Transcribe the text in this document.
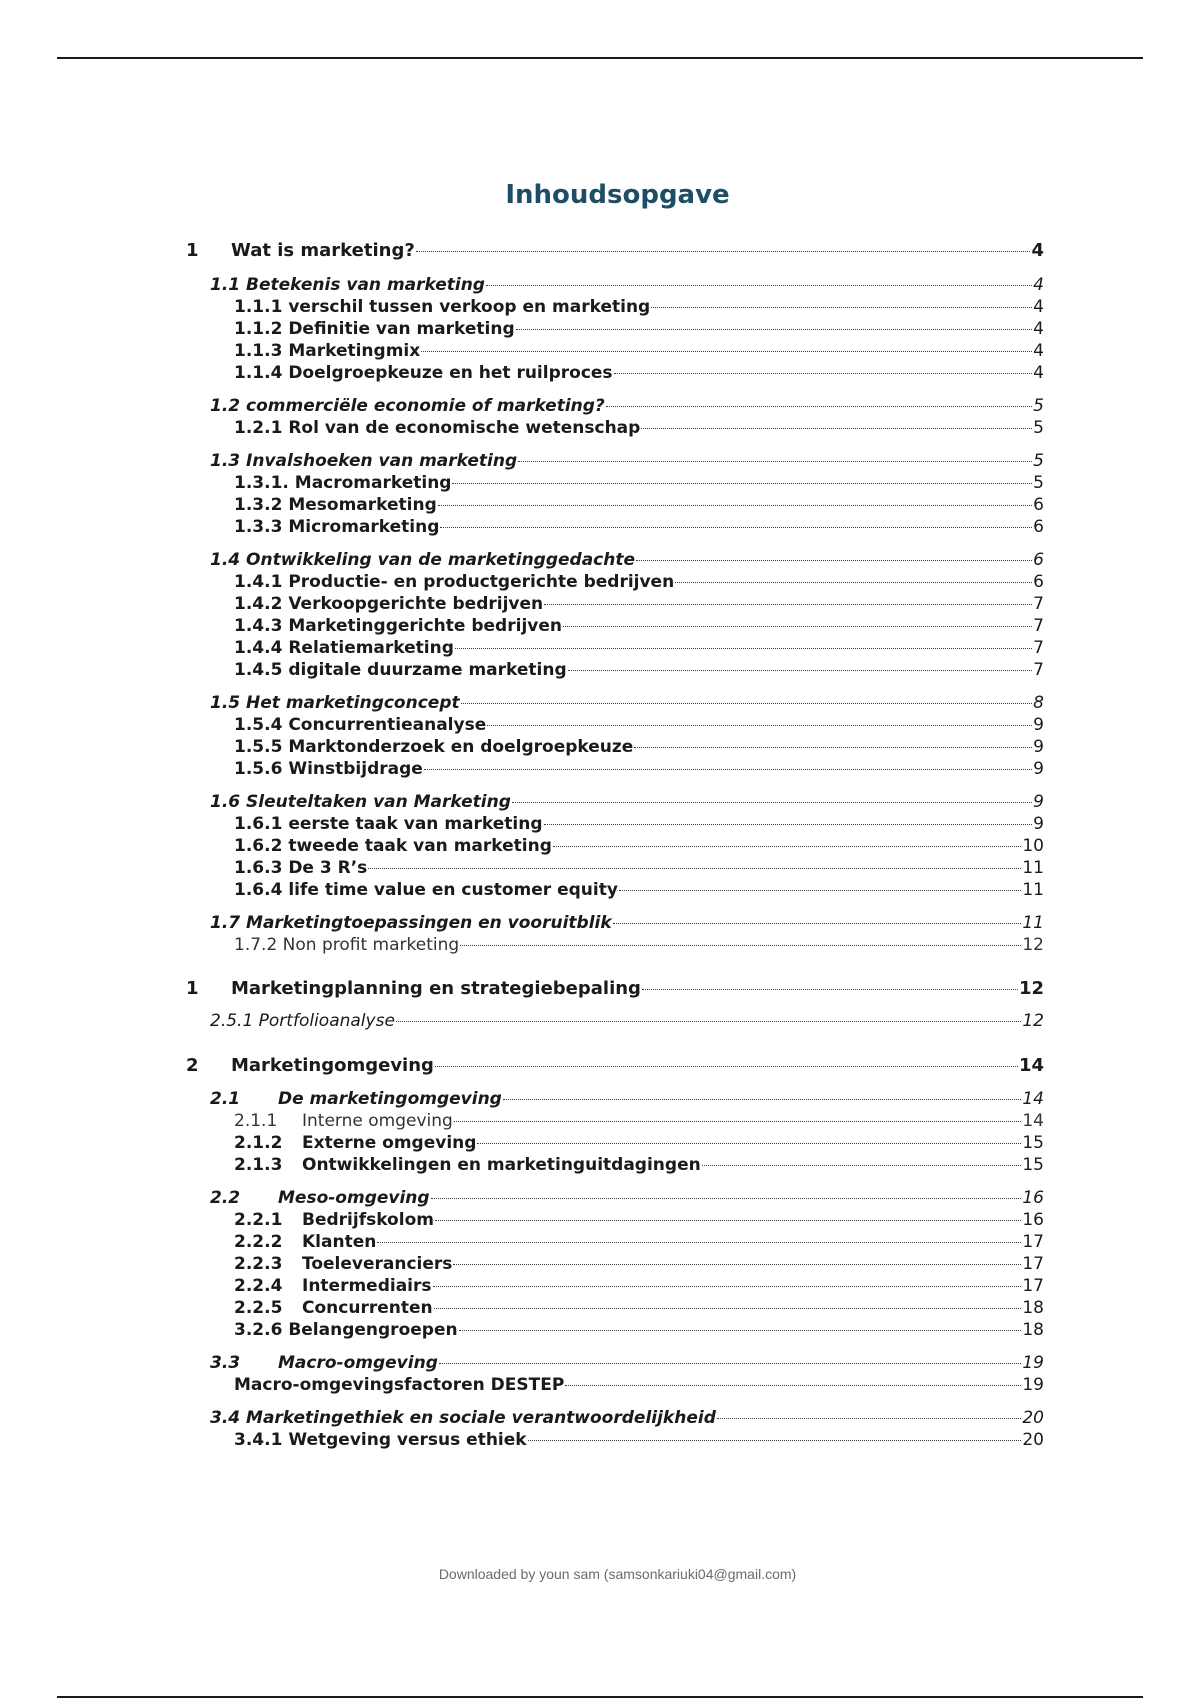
Inhoudsopgave
1	Wat is marketing?	4
1.1 Betekenis van marketing	4
1.1.1 verschil tussen verkoop en marketing	4
1.1.2 Definitie van marketing	4
1.1.3 Marketingmix	4
1.1.4 Doelgroepkeuze en het ruilproces	4
1.2 commerciële economie of marketing?	5
1.2.1 Rol van de economische wetenschap	5
1.3 Invalshoeken van marketing	5
1.3.1. Macromarketing	5
1.3.2 Mesomarketing	6
1.3.3 Micromarketing	6
1.4 Ontwikkeling van de marketinggedachte	6
1.4.1 Productie- en productgerichte bedrijven	6
1.4.2 Verkoopgerichte bedrijven	7
1.4.3 Marketinggerichte bedrijven	7
1.4.4 Relatiemarketing	7
1.4.5 digitale duurzame marketing	7
1.5 Het marketingconcept	8
1.5.4 Concurrentieanalyse	9
1.5.5 Marktonderzoek en doelgroepkeuze	9
1.5.6 Winstbijdrage	9
1.6 Sleuteltaken van Marketing	9
1.6.1 eerste taak van marketing	9
1.6.2 tweede taak van marketing	10
1.6.3 De 3 R’s	11
1.6.4 life time value en customer equity	11
1.7 Marketingtoepassingen en vooruitblik	11
1.7.2 Non profit marketing	12
1	Marketingplanning en strategiebepaling	12
2.5.1 Portfolioanalyse	12
2	Marketingomgeving	14
2.1	De marketingomgeving	14
2.1.1	Interne omgeving	14
2.1.2	Externe omgeving	15
2.1.3	Ontwikkelingen en marketinguitdagingen	15
2.2	Meso-omgeving	16
2.2.1	Bedrijfskolom	16
2.2.2	Klanten	17
2.2.3	Toeleveranciers	17
2.2.4	Intermediairs	17
2.2.5	Concurrenten	18
3.2.6 Belangengroepen	18
3.3	Macro-omgeving	19
Macro-omgevingsfactoren DESTEP	19
3.4 Marketingethiek en sociale verantwoordelijkheid	20
3.4.1 Wetgeving versus ethiek	20
Downloaded by youn sam (samsonkariuki04@gmail.com)
